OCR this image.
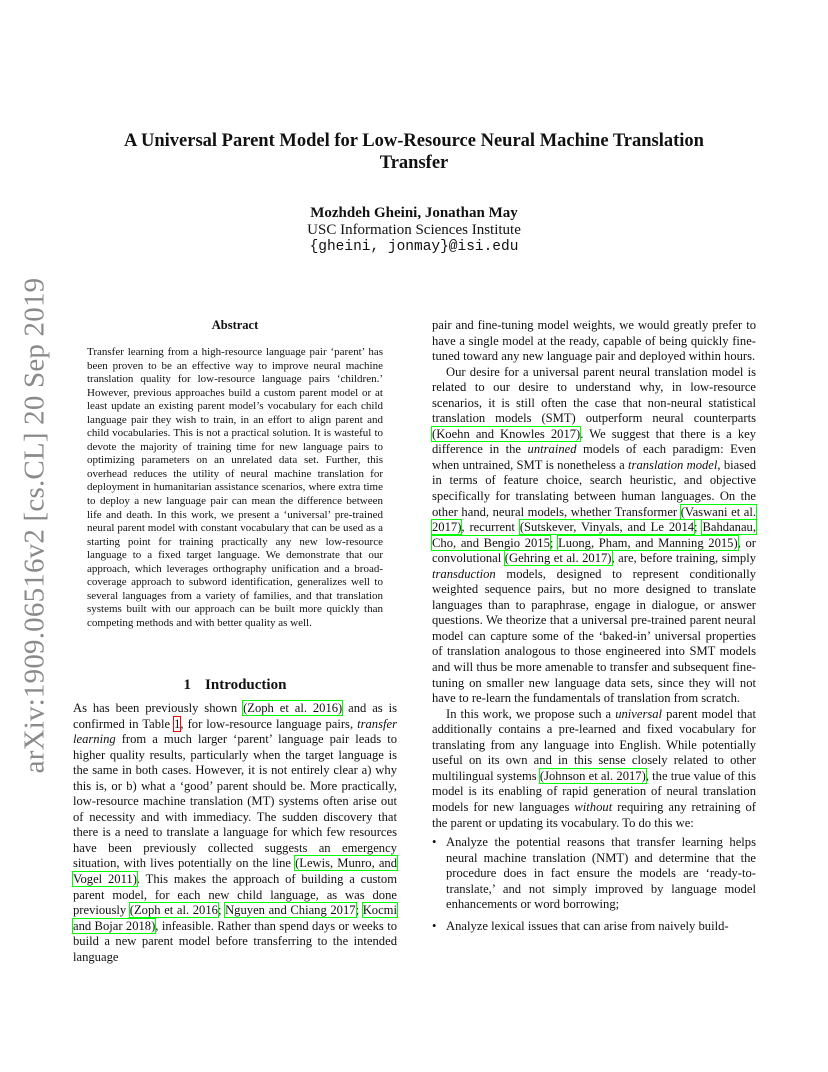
arXiv:1909.06516v2 [cs.CL] 20 Sep 2019
A Universal Parent Model for Low-Resource Neural Machine Translation Transfer
Mozhdeh Gheini, Jonathan May
USC Information Sciences Institute
{gheini, jonmay}@isi.edu
Abstract
Transfer learning from a high-resource language pair ‘parent’ has been proven to be an effective way to improve neural machine translation quality for low-resource language pairs ‘children.’ However, previous approaches build a custom parent model or at least update an existing parent model’s vocabulary for each child language pair they wish to train, in an effort to align parent and child vocabularies. This is not a practical solution. It is wasteful to devote the majority of training time for new language pairs to optimizing parameters on an unrelated data set. Further, this overhead reduces the utility of neural machine translation for deployment in humanitarian assistance scenarios, where extra time to deploy a new language pair can mean the difference between life and death. In this work, we present a ‘universal’ pre-trained neural parent model with constant vocabulary that can be used as a starting point for training practically any new low-resource language to a fixed target language. We demonstrate that our approach, which leverages orthography unification and a broad-coverage approach to subword identification, generalizes well to several languages from a variety of families, and that translation systems built with our approach can be built more quickly than competing methods and with better quality as well.
1 Introduction

As has been previously shown (Zoph et al. 2016) and as is confirmed in Table 1, for low-resource language pairs, transfer learning from a much larger ‘parent’ language pair leads to higher quality results, particularly when the target language is the same in both cases. However, it is not entirely clear a) why this is, or b) what a ‘good’ parent should be. More practically, low-resource machine translation (MT) systems often arise out of necessity and with immediacy. The sudden discovery that there is a need to translate a language for which few resources have been previously collected suggests an emergency situation, with lives potentially on the line (Lewis, Munro, and Vogel 2011). This makes the approach of building a custom parent model, for each new child language, as was done previously (Zoph et al. 2016; Nguyen and Chiang 2017; Kocmi and Bojar 2018), infeasible. Rather than spend days or weeks to build a new parent model before transferring to the intended language

pair and fine-tuning model weights, we would greatly prefer to have a single model at the ready, capable of being quickly fine-tuned toward any new language pair and deployed within hours.

Our desire for a universal parent neural translation model is related to our desire to understand why, in low-resource scenarios, it is still often the case that non-neural statistical translation models (SMT) outperform neural counterparts (Koehn and Knowles 2017). We suggest that there is a key difference in the untrained models of each paradigm: Even when untrained, SMT is nonetheless a translation model, biased in terms of feature choice, search heuristic, and objective specifically for translating between human languages. On the other hand, neural models, whether Transformer (Vaswani et al. 2017), recurrent (Sutskever, Vinyals, and Le 2014; Bahdanau, Cho, and Bengio 2015; Luong, Pham, and Manning 2015), or convolutional (Gehring et al. 2017), are, before training, simply transduction models, designed to represent conditionally weighted sequence pairs, but no more designed to translate languages than to paraphrase, engage in dialogue, or answer questions. We theorize that a universal pre-trained parent neural model can capture some of the ‘baked-in’ universal properties of translation analogous to those engineered into SMT models and will thus be more amenable to transfer and subsequent fine-tuning on smaller new language data sets, since they will not have to re-learn the fundamentals of translation from scratch.

In this work, we propose such a universal parent model that additionally contains a pre-learned and fixed vocabulary for translating from any language into English. While potentially useful on its own and in this sense closely related to other multilingual systems (Johnson et al. 2017), the true value of this model is its enabling of rapid generation of neural translation models for new languages without requiring any retraining of the parent or updating its vocabulary. To do this we:

• Analyze the potential reasons that transfer learning helps neural machine translation (NMT) and determine that the procedure does in fact ensure the models are ‘ready-to-translate,’ and not simply improved by language model enhancements or word borrowing;
• Analyze lexical issues that can arise from naively build-
